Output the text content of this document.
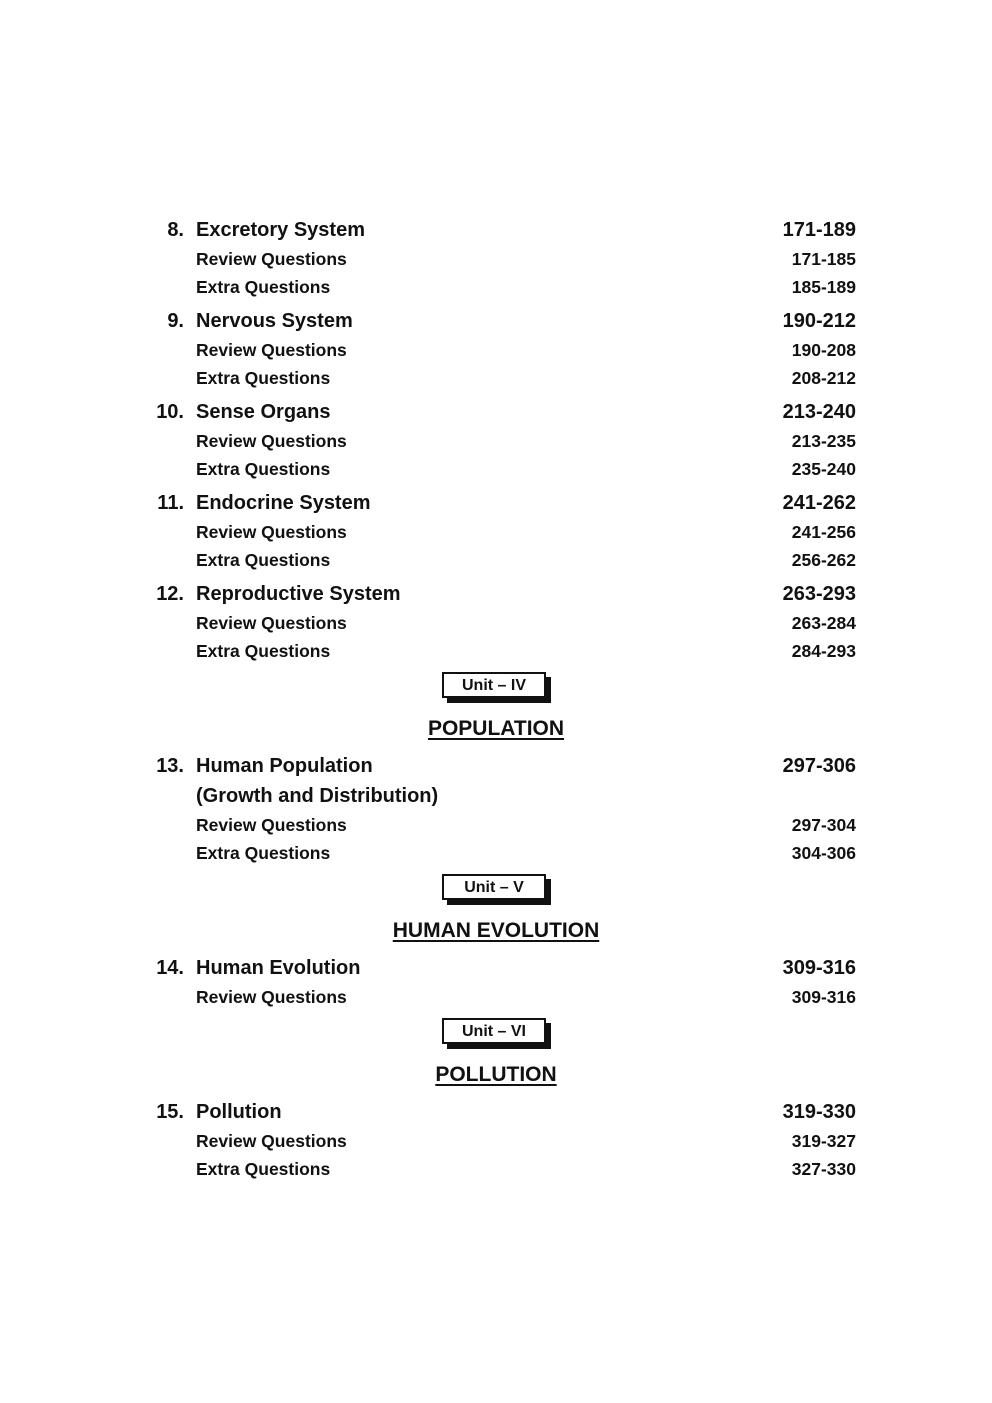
8. Excretory System	171-189
Review Questions	171-185
Extra Questions	185-189
9. Nervous System	190-212
Review Questions	190-208
Extra Questions	208-212
10. Sense Organs	213-240
Review Questions	213-235
Extra Questions	235-240
11. Endocrine System	241-262
Review Questions	241-256
Extra Questions	256-262
12. Reproductive System	263-293
Review Questions	263-284
Extra Questions	284-293
Unit – IV
POPULATION
13. Human Population	297-306
(Growth and Distribution)
Review Questions	297-304
Extra Questions	304-306
Unit – V
HUMAN EVOLUTION
14. Human Evolution	309-316
Review Questions	309-316
Unit – VI
POLLUTION
15. Pollution	319-330
Review Questions	319-327
Extra Questions	327-330
